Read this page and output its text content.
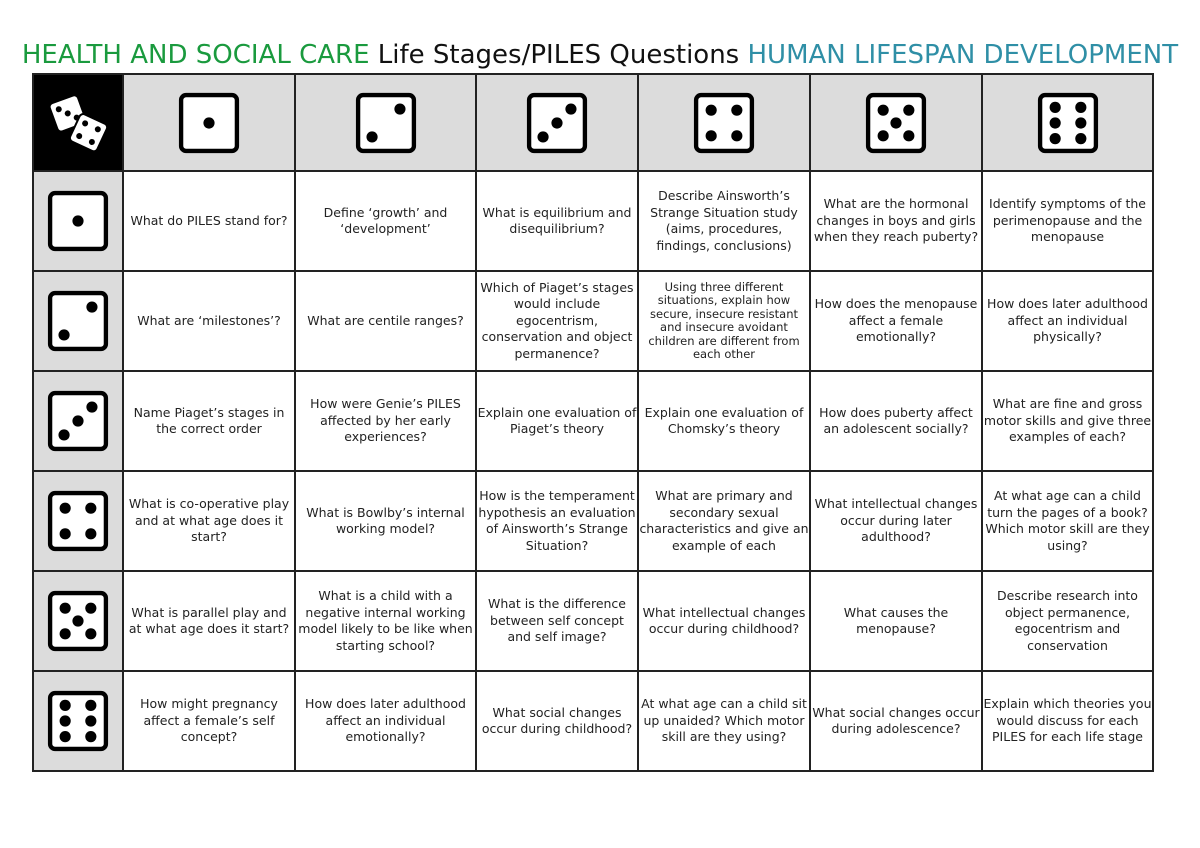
HEALTH AND SOCIAL CARE Life Stages/PILES Questions HUMAN LIFESPAN DEVELOPMENT

	What do PILES stand for?	Define ‘growth’ and ‘development’	What is equilibrium and disequilibrium?	Describe Ainsworth’s Strange Situation study (aims, procedures, findings, conclusions)	What are the hormonal changes in boys and girls when they reach puberty?	Identify symptoms of the perimenopause and the menopause

	What are ‘milestones’?	What are centile ranges?	Which of Piaget’s stages would include egocentrism, conservation and object permanence?	Using three different situations, explain how secure, insecure resistant and insecure avoidant children are different from each other	How does the menopause affect a female emotionally?	How does later adulthood affect an individual physically?

	Name Piaget’s stages in the correct order	How were Genie’s PILES affected by her early experiences?	Explain one evaluation of Piaget’s theory	Explain one evaluation of Chomsky’s theory	How does puberty affect an adolescent socially?	What are fine and gross motor skills and give three examples of each?

	What is co-operative play and at what age does it start?	What is Bowlby’s internal working model?	How is the temperament hypothesis an evaluation of Ainsworth’s Strange Situation?	What are primary and secondary sexual characteristics and give an example of each	What intellectual changes occur during later adulthood?	At what age can a child turn the pages of a book? Which motor skill are they using?

	What is parallel play and at what age does it start?	What is a child with a negative internal working model likely to be like when starting school?	What is the difference between self concept and self image?	What intellectual changes occur during childhood?	What causes the menopause?	Describe research into object permanence, egocentrism and conservation

	How might pregnancy affect a female’s self concept?	How does later adulthood affect an individual emotionally?	What social changes occur during childhood?	At what age can a child sit up unaided? Which motor skill are they using?	What social changes occur during adolescence?	Explain which theories you would discuss for each PILES for each life stage
